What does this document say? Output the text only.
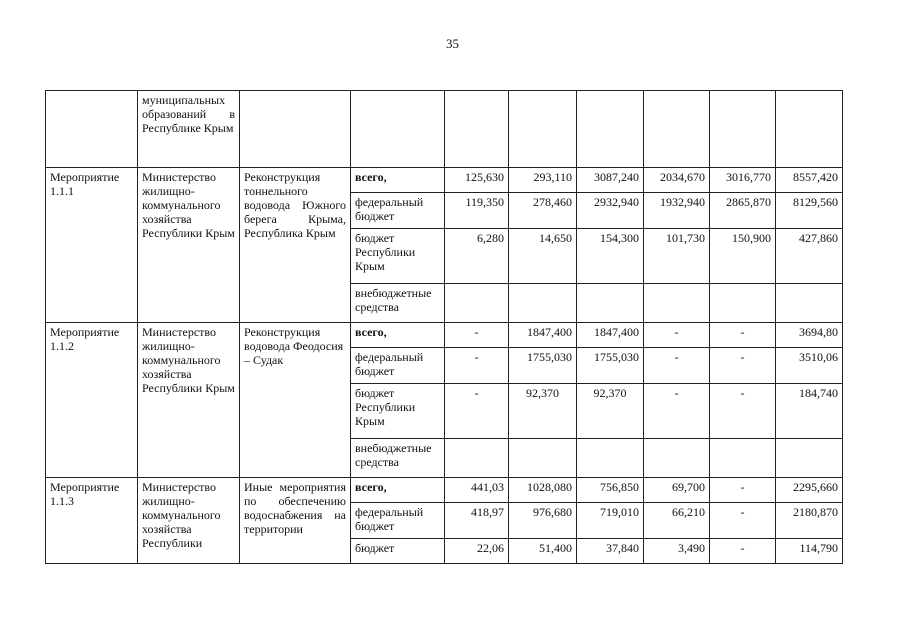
35
	муниципальных образований в Республике Крым								
Мероприятие 1.1.1	Министерство жилищно-коммунального хозяйства Республики Крым	Реконструкция тоннельного водовода Южного берега Крыма, Республика Крым	всего,	125,630	293,110	3087,240	2034,670	3016,770	8557,420
			федеральный бюджет	119,350	278,460	2932,940	1932,940	2865,870	8129,560
			бюджет Республики Крым	6,280	14,650	154,300	101,730	150,900	427,860
			внебюджетные средства						
Мероприятие 1.1.2	Министерство жилищно-коммунального хозяйства Республики Крым	Реконструкция водовода Феодосия – Судак	всего,	-	1847,400	1847,400	-	-	3694,80
			федеральный бюджет	-	1755,030	1755,030	-	-	3510,06
			бюджет Республики Крым	-	92,370	92,370	-	-	184,740
			внебюджетные средства						
Мероприятие 1.1.3	Министерство жилищно-коммунального хозяйства Республики	Иные мероприятия по обеспечению водоснабжения на территории	всего,	441,03	1028,080	756,850	69,700	-	2295,660
			федеральный бюджет	418,97	976,680	719,010	66,210	-	2180,870
			бюджет	22,06	51,400	37,840	3,490	-	114,790
